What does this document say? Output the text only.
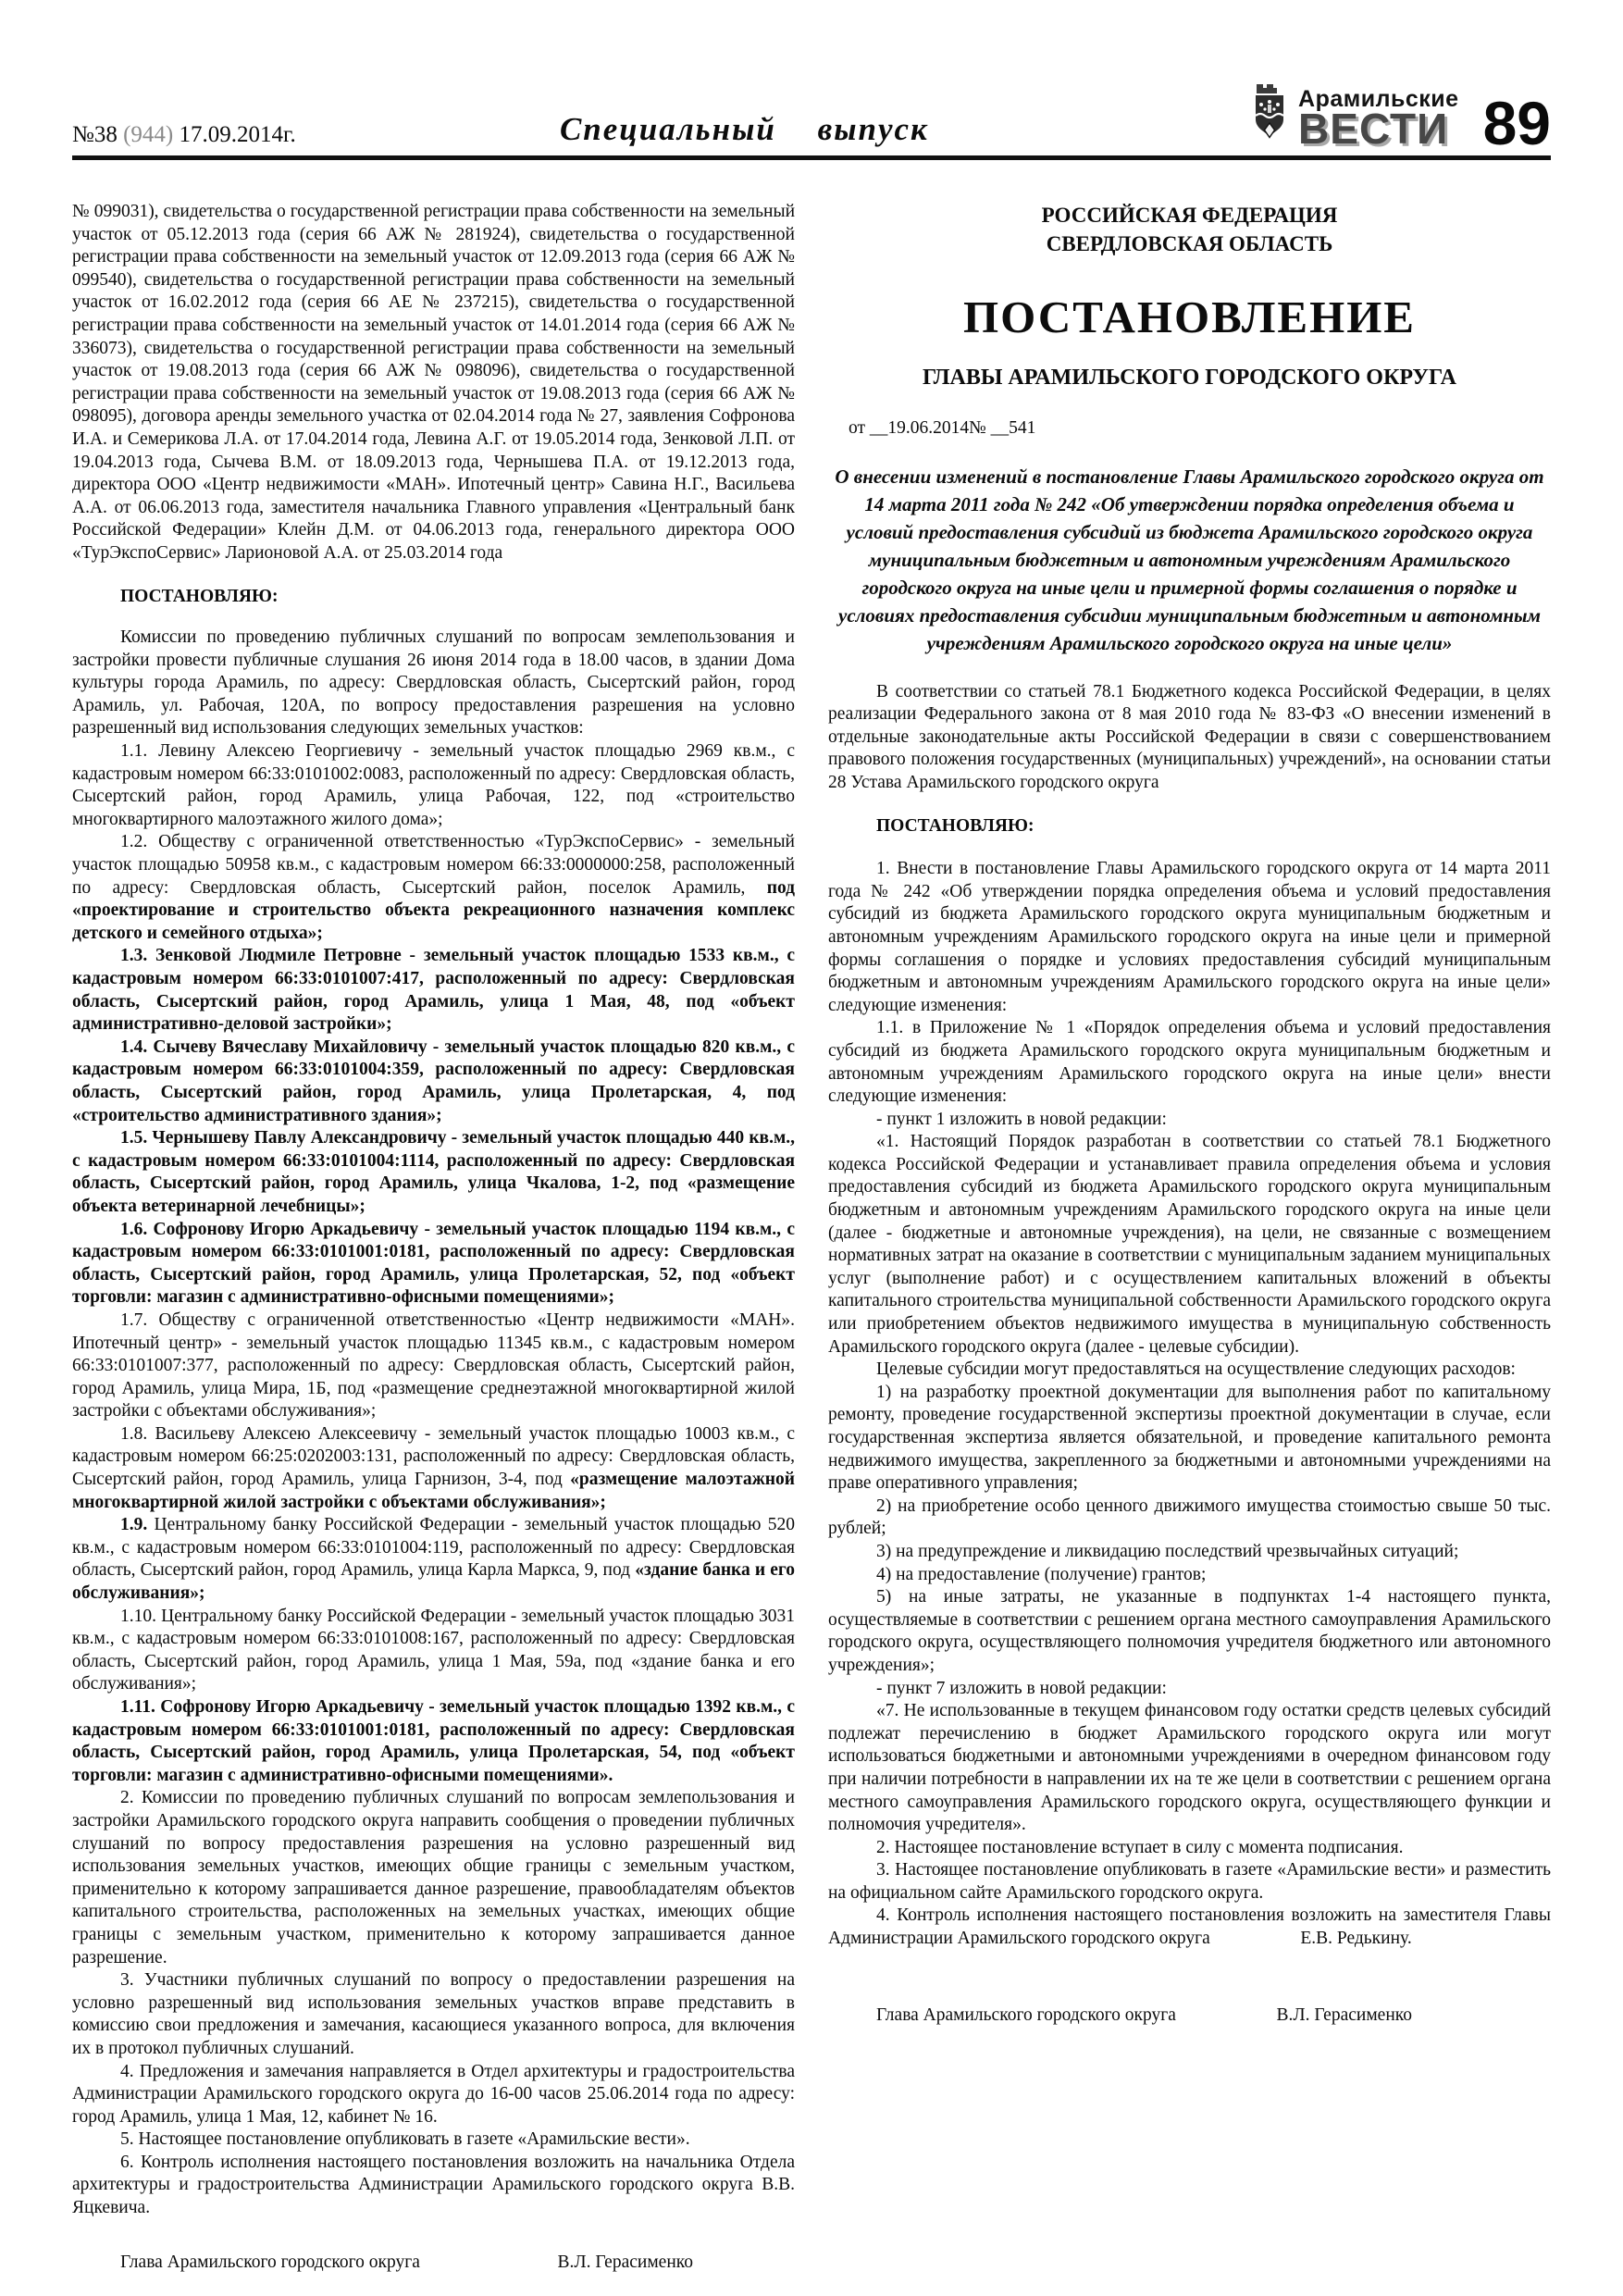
№38 (944) 17.09.2014г.	Специальный выпуск
Арамильские
ВЕСТИ 89

№ 099031), свидетельства о государственной регистрации права собственности на земельный участок от 05.12.2013 года (серия 66 АЖ № 281924), свидетельства о государственной регистрации права собственности на земельный участок от 12.09.2013 года (серия 66 АЖ № 099540), свидетельства о государственной регистрации права собственности на земельный участок от 16.02.2012 года (серия 66 АЕ № 237215), свидетельства о государственной регистрации права собственности на земельный участок от 14.01.2014 года (серия 66 АЖ № 336073), свидетельства о государственной регистрации права собственности на земельный участок от 19.08.2013 года (серия 66 АЖ № 098096), свидетельства о государственной регистрации права собственности на земельный участок от 19.08.2013 года (серия 66 АЖ № 098095), договора аренды земельного участка от 02.04.2014 года № 27, заявления Софронова И.А. и Семерикова Л.А. от 17.04.2014 года, Левина А.Г. от 19.05.2014 года, Зенковой Л.П. от 19.04.2013 года, Сычева В.М. от 18.09.2013 года, Чернышева П.А. от 19.12.2013 года, директора ООО «Центр недвижимости «МАН». Ипотечный центр» Савина Н.Г., Васильева А.А. от 06.06.2013 года, заместителя начальника Главного управления «Центральный банк Российской Федерации» Клейн Д.М. от 04.06.2013 года, генерального директора ООО «ТурЭкспоСервис» Ларионовой А.А. от 25.03.2014 года

ПОСТАНОВЛЯЮ:

Комиссии по проведению публичных слушаний по вопросам землепользования и застройки провести публичные слушания 26 июня 2014 года в 18.00 часов, в здании Дома культуры города Арамиль, по адресу: Свердловская область, Сысертский район, город Арамиль, ул. Рабочая, 120А, по вопросу предоставления разрешения на условно разрешенный вид использования следующих земельных участков:

1.1. Левину Алексею Георгиевичу - земельный участок площадью 2969 кв.м., с кадастровым номером 66:33:0101002:0083, расположенный по адресу: Свердловская область, Сысертский район, город Арамиль, улица Рабочая, 122, под «строительство многоквартирного малоэтажного жилого дома»;

1.2. Обществу с ограниченной ответственностью «ТурЭкспоСервис» - земельный участок площадью 50958 кв.м., с кадастровым номером 66:33:0000000:258, расположенный по адресу: Свердловская область, Сысертский район, поселок Арамиль, под «проектирование и строительство объекта рекреационного назначения комплекс детского и семейного отдыха»;

1.3. Зенковой Людмиле Петровне - земельный участок площадью 1533 кв.м., с кадастровым номером 66:33:0101007:417, расположенный по адресу: Свердловская область, Сысертский район, город Арамиль, улица 1 Мая, 48, под «объект административно-деловой застройки»;

1.4. Сычеву Вячеславу Михайловичу - земельный участок площадью 820 кв.м., с кадастровым номером 66:33:0101004:359, расположенный по адресу: Свердловская область, Сысертский район, город Арамиль, улица Пролетарская, 4, под «строительство административного здания»;

1.5. Чернышеву Павлу Александровичу - земельный участок площадью 440 кв.м., с кадастровым номером 66:33:0101004:1114, расположенный по адресу: Свердловская область, Сысертский район, город Арамиль, улица Чкалова, 1-2, под «размещение объекта ветеринарной лечебницы»;

1.6. Софронову Игорю Аркадьевичу - земельный участок площадью 1194 кв.м., с кадастровым номером 66:33:0101001:0181, расположенный по адресу: Свердловская область, Сысертский район, город Арамиль, улица Пролетарская, 52, под «объект торговли: магазин с административно-офисными помещениями»;

1.7. Обществу с ограниченной ответственностью «Центр недвижимости «МАН». Ипотечный центр» - земельный участок площадью 11345 кв.м., с кадастровым номером 66:33:0101007:377, расположенный по адресу: Свердловская область, Сысертский район, город Арамиль, улица Мира, 1Б, под «размещение среднеэтажной многоквартирной жилой застройки с объектами обслуживания»;

1.8. Васильеву Алексею Алексеевичу - земельный участок площадью 10003 кв.м., с кадастровым номером 66:25:0202003:131, расположенный по адресу: Свердловская область, Сысертский район, город Арамиль, улица Гарнизон, 3-4, под «размещение малоэтажной многоквартирной жилой застройки с объектами обслуживания»;

1.9. Центральному банку Российской Федерации - земельный участок площадью 520 кв.м., с кадастровым номером 66:33:0101004:119, расположенный по адресу: Свердловская область, Сысертский район, город Арамиль, улица Карла Маркса, 9, под «здание банка и его обслуживания»;

1.10. Центральному банку Российской Федерации - земельный участок площадью 3031 кв.м., с кадастровым номером 66:33:0101008:167, расположенный по адресу: Свердловская область, Сысертский район, город Арамиль, улица 1 Мая, 59а, под «здание банка и его обслуживания»;

1.11. Софронову Игорю Аркадьевичу - земельный участок площадью 1392 кв.м., с кадастровым номером 66:33:0101001:0181, расположенный по адресу: Свердловская область, Сысертский район, город Арамиль, улица Пролетарская, 54, под «объект торговли: магазин с административно-офисными помещениями».

2. Комиссии по проведению публичных слушаний по вопросам землепользования и застройки Арамильского городского округа направить сообщения о проведении публичных слушаний по вопросу предоставления разрешения на условно разрешенный вид использования земельных участков, имеющих общие границы с земельным участком, применительно к которому запрашивается данное разрешение, правообладателям объектов капитального строительства, расположенных на земельных участках, имеющих общие границы с земельным участком, применительно к которому запрашивается данное разрешение.

3. Участники публичных слушаний по вопросу о предоставлении разрешения на условно разрешенный вид использования земельных участков вправе представить в комиссию свои предложения и замечания, касающиеся указанного вопроса, для включения их в протокол публичных слушаний.

4. Предложения и замечания направляется в Отдел архитектуры и градостроительства Администрации Арамильского городского округа до 16-00 часов 25.06.2014 года по адресу: город Арамиль, улица 1 Мая, 12, кабинет № 16.

5. Настоящее постановление опубликовать в газете «Арамильские вести».

6. Контроль исполнения настоящего постановления возложить на начальника Отдела архитектуры и градостроительства Администрации Арамильского городского округа В.В. Яцкевича.

Глава Арамильского городского округа	В.Л. Герасименко

РОССИЙСКАЯ ФЕДЕРАЦИЯ

СВЕРДЛОВСКАЯ ОБЛАСТЬ

ПОСТАНОВЛЕНИЕ

ГЛАВЫ АРАМИЛЬСКОГО ГОРОДСКОГО ОКРУГА

от __19.06.2014№ __541

О внесении изменений в постановление Главы Арамильского городского округа от 14 марта 2011 года № 242 «Об утверждении порядка определения объема и условий предоставления субсидий из бюджета Арамильского городского округа муниципальным бюджетным и автономным учреждениям Арамильского городского округа на иные цели и примерной формы соглашения о порядке и условиях предоставления субсидии муниципальным бюджетным и автономным учреждениям Арамильского городского округа на иные цели»

В соответствии со статьей 78.1 Бюджетного кодекса Российской Федерации, в целях реализации Федерального закона от 8 мая 2010 года № 83-ФЗ «О внесении изменений в отдельные законодательные акты Российской Федерации в связи с совершенствованием правового положения государственных (муниципальных) учреждений», на основании статьи 28 Устава Арамильского городского округа

ПОСТАНОВЛЯЮ:

1. Внести в постановление Главы Арамильского городского округа от 14 марта 2011 года № 242 «Об утверждении порядка определения объема и условий предоставления субсидий из бюджета Арамильского городского округа муниципальным бюджетным и автономным учреждениям Арамильского городского округа на иные цели и примерной формы соглашения о порядке и условиях предоставления субсидий муниципальным бюджетным и автономным учреждениям Арамильского городского округа на иные цели» следующие изменения:

1.1. в Приложение № 1 «Порядок определения объема и условий предоставления субсидий из бюджета Арамильского городского округа муниципальным бюджетным и автономным учреждениям Арамильского городского округа на иные цели» внести следующие изменения:

- пункт 1 изложить в новой редакции:

«1. Настоящий Порядок разработан в соответствии со статьей 78.1 Бюджетного кодекса Российской Федерации и устанавливает правила определения объема и условия предоставления субсидий из бюджета Арамильского городского округа муниципальным бюджетным и автономным учреждениям Арамильского городского округа на иные цели (далее - бюджетные и автономные учреждения), на цели, не связанные с возмещением нормативных затрат на оказание в соответствии с муниципальным заданием муниципальных услуг (выполнение работ) и с осуществлением капитальных вложений в объекты капитального строительства муниципальной собственности Арамильского городского округа или приобретением объектов недвижимого имущества в муниципальную собственность Арамильского городского округа (далее - целевые субсидии).

Целевые субсидии могут предоставляться на осуществление следующих расходов:

1) на разработку проектной документации для выполнения работ по капитальному ремонту, проведение государственной экспертизы проектной документации в случае, если государственная экспертиза является обязательной, и проведение капитального ремонта недвижимого имущества, закрепленного за бюджетными и автономными учреждениями на праве оперативного управления;

2) на приобретение особо ценного движимого имущества стоимостью свыше 50 тыс. рублей;

3) на предупреждение и ликвидацию последствий чрезвычайных ситуаций;

4) на предоставление (получение) грантов;

5) на иные затраты, не указанные в подпунктах 1-4 настоящего пункта, осуществляемые в соответствии с решением органа местного самоуправления Арамильского городского округа, осуществляющего полномочия учредителя бюджетного или автономного учреждения»;

- пункт 7 изложить в новой редакции:

«7. Не использованные в текущем финансовом году остатки средств целевых субсидий подлежат перечислению в бюджет Арамильского городского округа или могут использоваться бюджетными и автономными учреждениями в очередном финансовом году при наличии потребности в направлении их на те же цели в соответствии с решением органа местного самоуправления Арамильского городского округа, осуществляющего функции и полномочия учредителя».

2. Настоящее постановление вступает в силу с момента подписания.

3. Настоящее постановление опубликовать в газете «Арамильские вести» и разместить на официальном сайте Арамильского городского округа.

4. Контроль исполнения настоящего постановления возложить на заместителя Главы Администрации Арамильского городского округа                    Е.В. Редькину.

Глава Арамильского городского округа	В.Л. Герасименко
